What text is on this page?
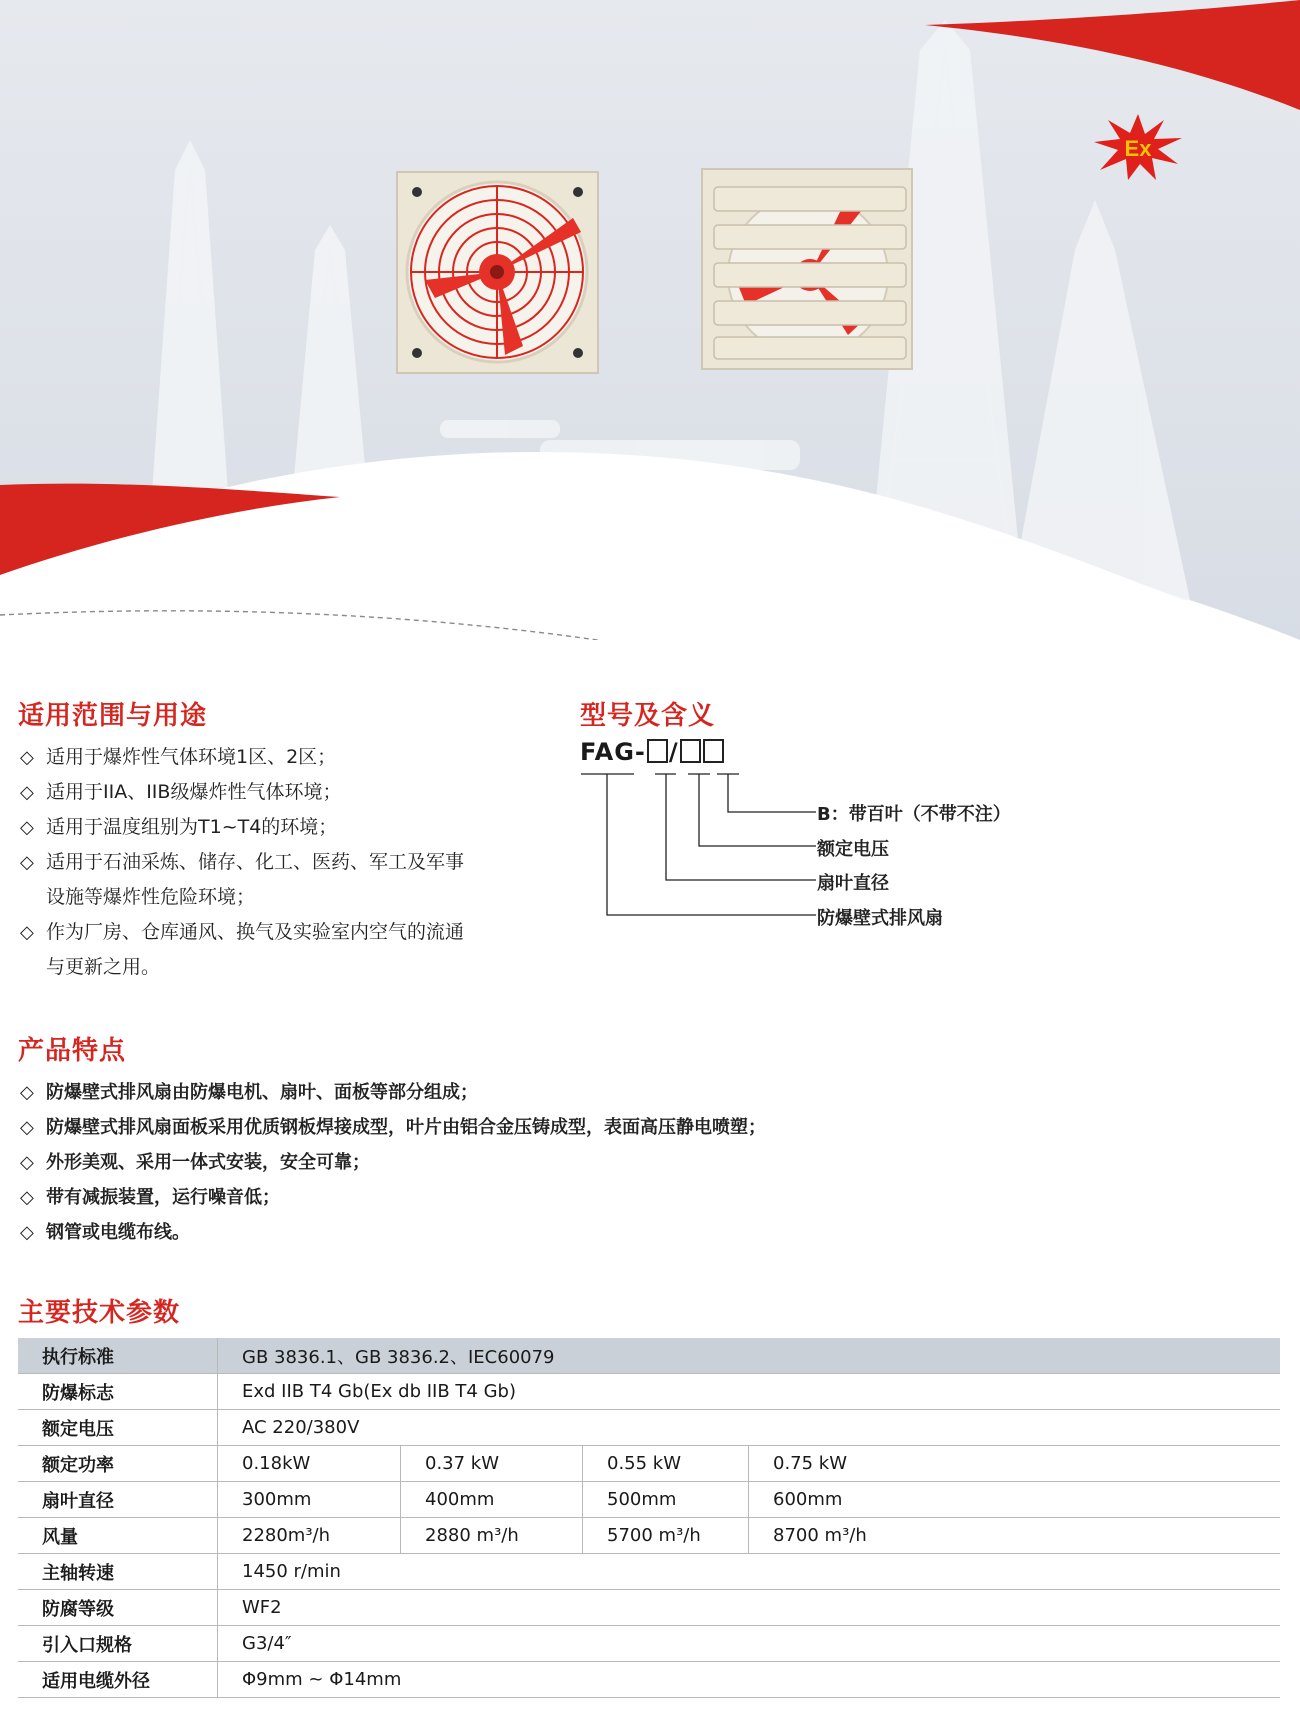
Ex
适用范围与用途
◇ 适用于爆炸性气体环境1区、2区；
◇ 适用于IIA、IIB级爆炸性气体环境；
◇ 适用于温度组别为T1~T4的环境；
◇ 适用于石油采炼、储存、化工、医药、军工及军事设施等爆炸性危险环境；
◇ 作为厂房、仓库通风、换气及实验室内空气的流通与更新之用。
型号及含义
FAG- /
B：带百叶（不带不注）
额定电压
扇叶直径
防爆壁式排风扇
产品特点
◇ 防爆壁式排风扇由防爆电机、扇叶、面板等部分组成；
◇ 防爆壁式排风扇面板采用优质钢板焊接成型，叶片由铝合金压铸成型，表面高压静电喷塑；
◇ 外形美观、采用一体式安装，安全可靠；
◇ 带有减振装置，运行噪音低；
◇ 钢管或电缆布线。
主要技术参数
执行标准	GB 3836.1、GB 3836.2、IEC60079			
防爆标志	Exd IIB T4 Gb(Ex db IIB T4 Gb)			
额定电压	AC 220/380V			
额定功率	0.18kW	0.37 kW	0.55 kW	0.75 kW
扇叶直径	300mm	400mm	500mm	600mm
风量	2280m³/h	2880 m³/h	5700 m³/h	8700 m³/h
主轴转速	1450 r/min			
防腐等级	WF2			
引入口规格	G3/4″			
适用电缆外径	Φ9mm ~ Φ14mm			
